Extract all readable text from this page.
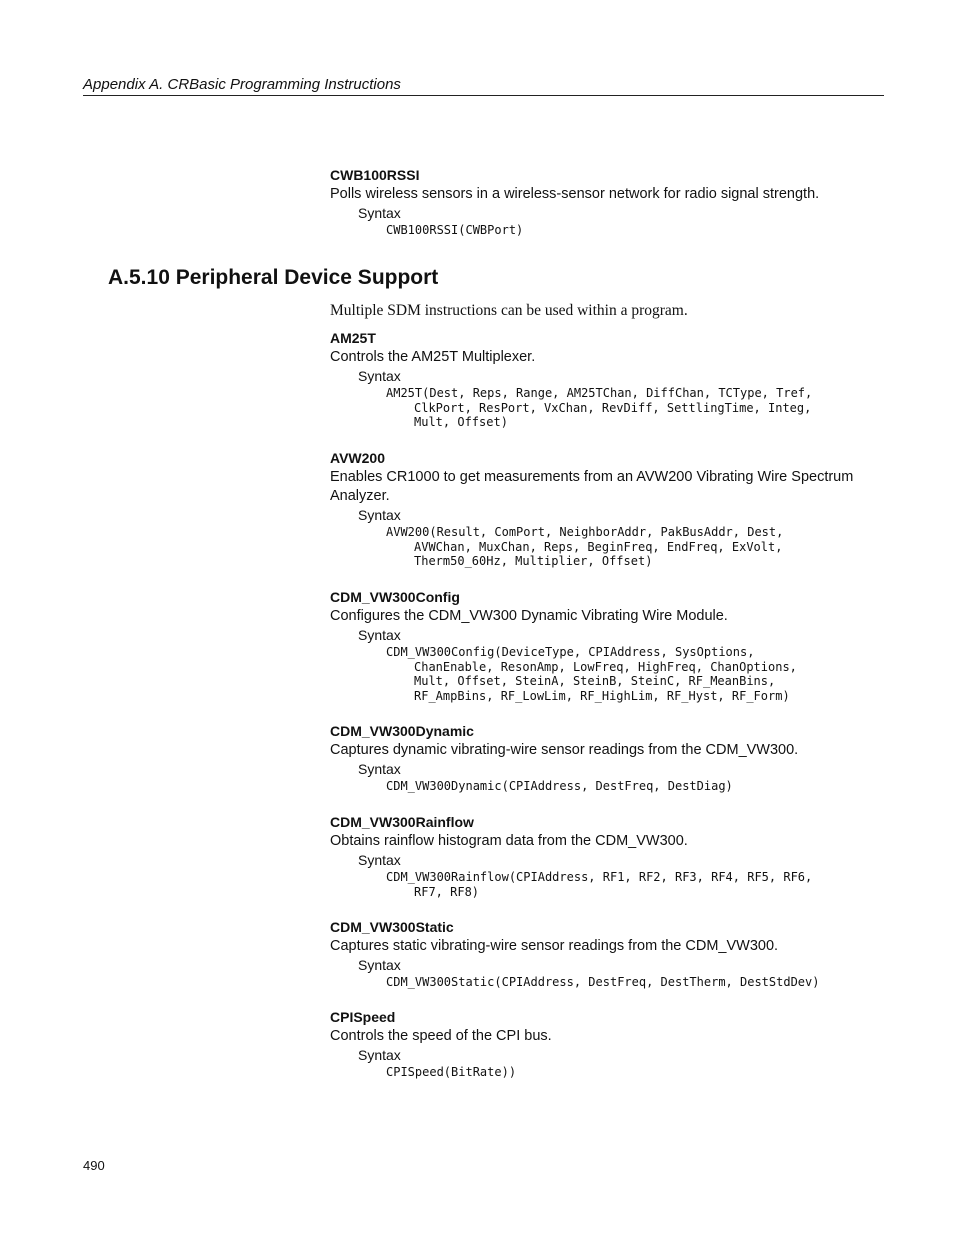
Appendix A. CRBasic Programming Instructions
CWB100RSSI
Polls wireless sensors in a wireless-sensor network for radio signal strength.
Syntax
CWB100RSSI(CWBPort)
A.5.10 Peripheral Device Support
Multiple SDM instructions can be used within a program.
AM25T
Controls the AM25T Multiplexer.
Syntax
AM25T(Dest, Reps, Range, AM25TChan, DiffChan, TCType, Tref,
ClkPort, ResPort, VxChan, RevDiff, SettlingTime, Integ,
Mult, Offset)
AVW200
Enables CR1000 to get measurements from an AVW200 Vibrating Wire Spectrum Analyzer.
Syntax
AVW200(Result, ComPort, NeighborAddr, PakBusAddr, Dest,
AVWChan, MuxChan, Reps, BeginFreq, EndFreq, ExVolt,
Therm50_60Hz, Multiplier, Offset)
CDM_VW300Config
Configures the CDM_VW300 Dynamic Vibrating Wire Module.
Syntax
CDM_VW300Config(DeviceType, CPIAddress, SysOptions,
ChanEnable, ResonAmp, LowFreq, HighFreq, ChanOptions,
Mult, Offset, SteinA, SteinB, SteinC, RF_MeanBins,
RF_AmpBins, RF_LowLim, RF_HighLim, RF_Hyst, RF_Form)
CDM_VW300Dynamic
Captures dynamic vibrating-wire sensor readings from the CDM_VW300.
Syntax
CDM_VW300Dynamic(CPIAddress, DestFreq, DestDiag)
CDM_VW300Rainflow
Obtains rainflow histogram data from the CDM_VW300.
Syntax
CDM_VW300Rainflow(CPIAddress, RF1, RF2, RF3, RF4, RF5, RF6,
RF7, RF8)
CDM_VW300Static
Captures static vibrating-wire sensor readings from the CDM_VW300.
Syntax
CDM_VW300Static(CPIAddress, DestFreq, DestTherm, DestStdDev)
CPISpeed
Controls the speed of the CPI bus.
Syntax
CPISpeed(BitRate))
490
